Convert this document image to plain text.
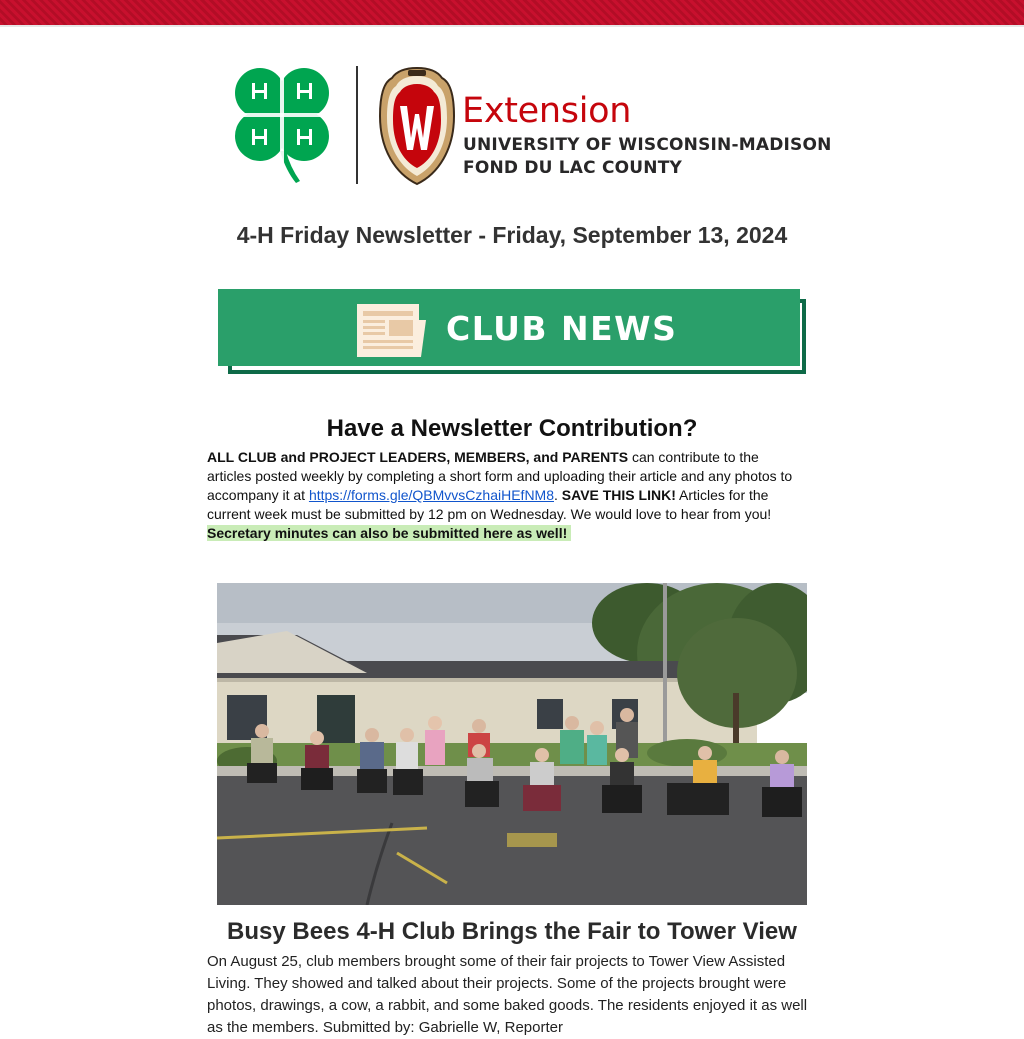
Extension
UNIVERSITY OF WISCONSIN-MADISON
FOND DU LAC COUNTY
4-H Friday Newsletter - Friday, September 13, 2024
CLUB NEWS
Have a Newsletter Contribution?
ALL CLUB and PROJECT LEADERS, MEMBERS, and PARENTS can contribute to the articles posted weekly by completing a short form and uploading their article and any photos to accompany it at https://forms.gle/QBMvvsCzhaiHEfNM8. SAVE THIS LINK! Articles for the current week must be submitted by 12 pm on Wednesday. We would love to hear from you!
Secretary minutes can also be submitted here as well!
Busy Bees 4-H Club Brings the Fair to Tower View
On August 25, club members brought some of their fair projects to Tower View Assisted Living. They showed and talked about their projects. Some of the projects brought were photos, drawings, a cow, a rabbit, and some baked goods. The residents enjoyed it as well as the members. Submitted by: Gabrielle W, Reporter
